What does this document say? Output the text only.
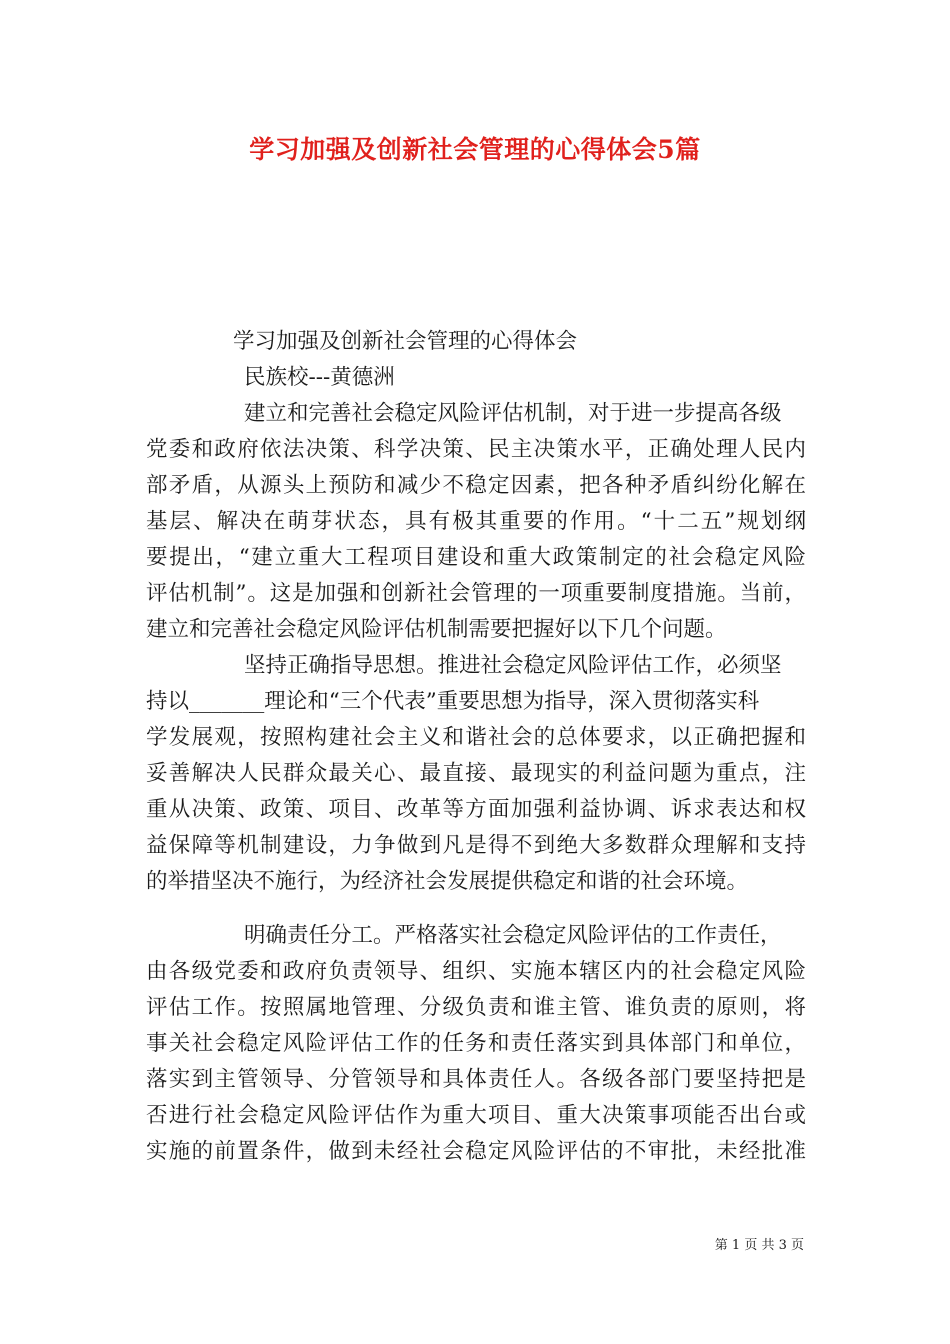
学习加强及创新社会管理的心得体会5篇
学习加强及创新社会管理的心得体会
民族校---黄德洲
建立和完善社会稳定风险评估机制，对于进一步提高各级
党委和政府依法决策、科学决策、民主决策水平，正确处理人民内
部矛盾，从源头上预防和减少不稳定因素，把各种矛盾纠纷化解在
基层、解决在萌芽状态，具有极其重要的作用。“十二五”规划纲
要提出，“建立重大工程项目建设和重大政策制定的社会稳定风险
评估机制”。这是加强和创新社会管理的一项重要制度措施。当前，
建立和完善社会稳定风险评估机制需要把握好以下几个问题。
坚持正确指导思想。推进社会稳定风险评估工作，必须坚
持以_______理论和“三个代表”重要思想为指导，深入贯彻落实科
学发展观，按照构建社会主义和谐社会的总体要求，以正确把握和
妥善解决人民群众最关心、最直接、最现实的利益问题为重点，注
重从决策、政策、项目、改革等方面加强利益协调、诉求表达和权
益保障等机制建设，力争做到凡是得不到绝大多数群众理解和支持
的举措坚决不施行，为经济社会发展提供稳定和谐的社会环境。
明确责任分工。严格落实社会稳定风险评估的工作责任，
由各级党委和政府负责领导、组织、实施本辖区内的社会稳定风险
评估工作。按照属地管理、分级负责和谁主管、谁负责的原则，将
事关社会稳定风险评估工作的任务和责任落实到具体部门和单位，
落实到主管领导、分管领导和具体责任人。各级各部门要坚持把是
否进行社会稳定风险评估作为重大项目、重大决策事项能否出台或
实施的前置条件，做到未经社会稳定风险评估的不审批，未经批准
第 1 页 共 3 页
